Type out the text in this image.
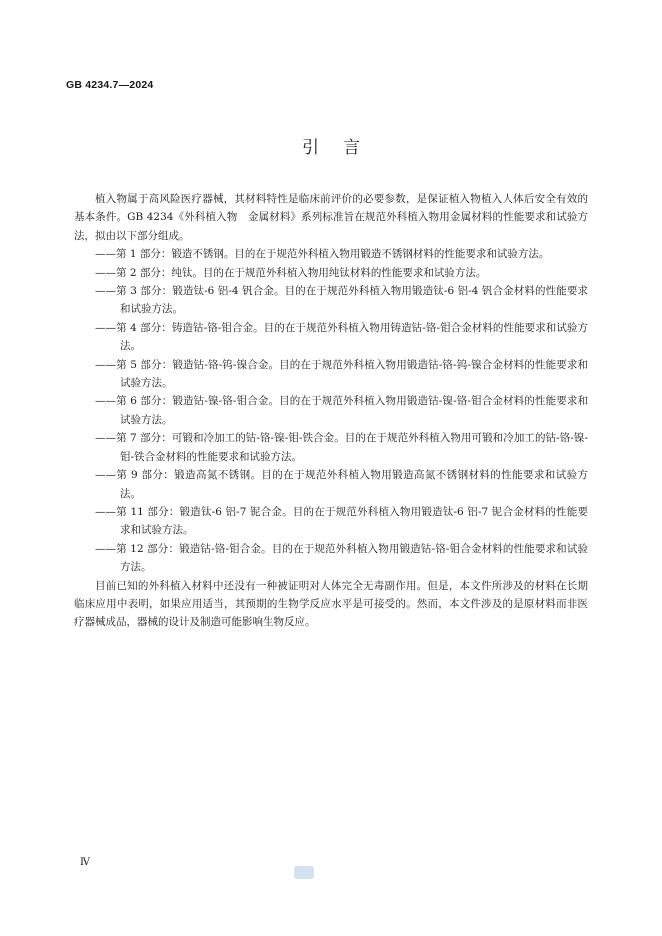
GB 4234.7—2024
引言

植入物属于高风险医疗器械，其材料特性是临床前评价的必要参数，是保证植入物植入人体后安全有效的基本条件。GB 4234《外科植入物　金属材料》系列标准旨在规范外科植入物用金属材料的性能要求和试验方法，拟由以下部分组成。

——第 1 部分：锻造不锈钢。目的在于规范外科植入物用锻造不锈钢材料的性能要求和试验方法。

——第 2 部分：纯钛。目的在于规范外科植入物用纯钛材料的性能要求和试验方法。

——第 3 部分：锻造钛-6 铝-4 钒合金。目的在于规范外科植入物用锻造钛-6 铝-4 钒合金材料的性能要求和试验方法。

——第 4 部分：铸造钴-铬-钼合金。目的在于规范外科植入物用铸造钴-铬-钼合金材料的性能要求和试验方法。

——第 5 部分：锻造钴-铬-钨-镍合金。目的在于规范外科植入物用锻造钴-铬-钨-镍合金材料的性能要求和试验方法。

——第 6 部分：锻造钴-镍-铬-钼合金。目的在于规范外科植入物用锻造钴-镍-铬-钼合金材料的性能要求和试验方法。

——第 7 部分：可锻和冷加工的钴-铬-镍-钼-铁合金。目的在于规范外科植入物用可锻和冷加工的钴-铬-镍-钼-铁合金材料的性能要求和试验方法。

——第 9 部分：锻造高氮不锈钢。目的在于规范外科植入物用锻造高氮不锈钢材料的性能要求和试验方法。

——第 11 部分：锻造钛-6 铝-7 铌合金。目的在于规范外科植入物用锻造钛-6 铝-7 铌合金材料的性能要求和试验方法。

——第 12 部分：锻造钴-铬-钼合金。目的在于规范外科植入物用锻造钴-铬-钼合金材料的性能要求和试验方法。

目前已知的外科植入材料中还没有一种被证明对人体完全无毒副作用。但是，本文件所涉及的材料在长期临床应用中表明，如果应用适当，其预期的生物学反应水平是可接受的。然而，本文件涉及的是原材料而非医疗器械成品，器械的设计及制造可能影响生物反应。

Ⅳ
